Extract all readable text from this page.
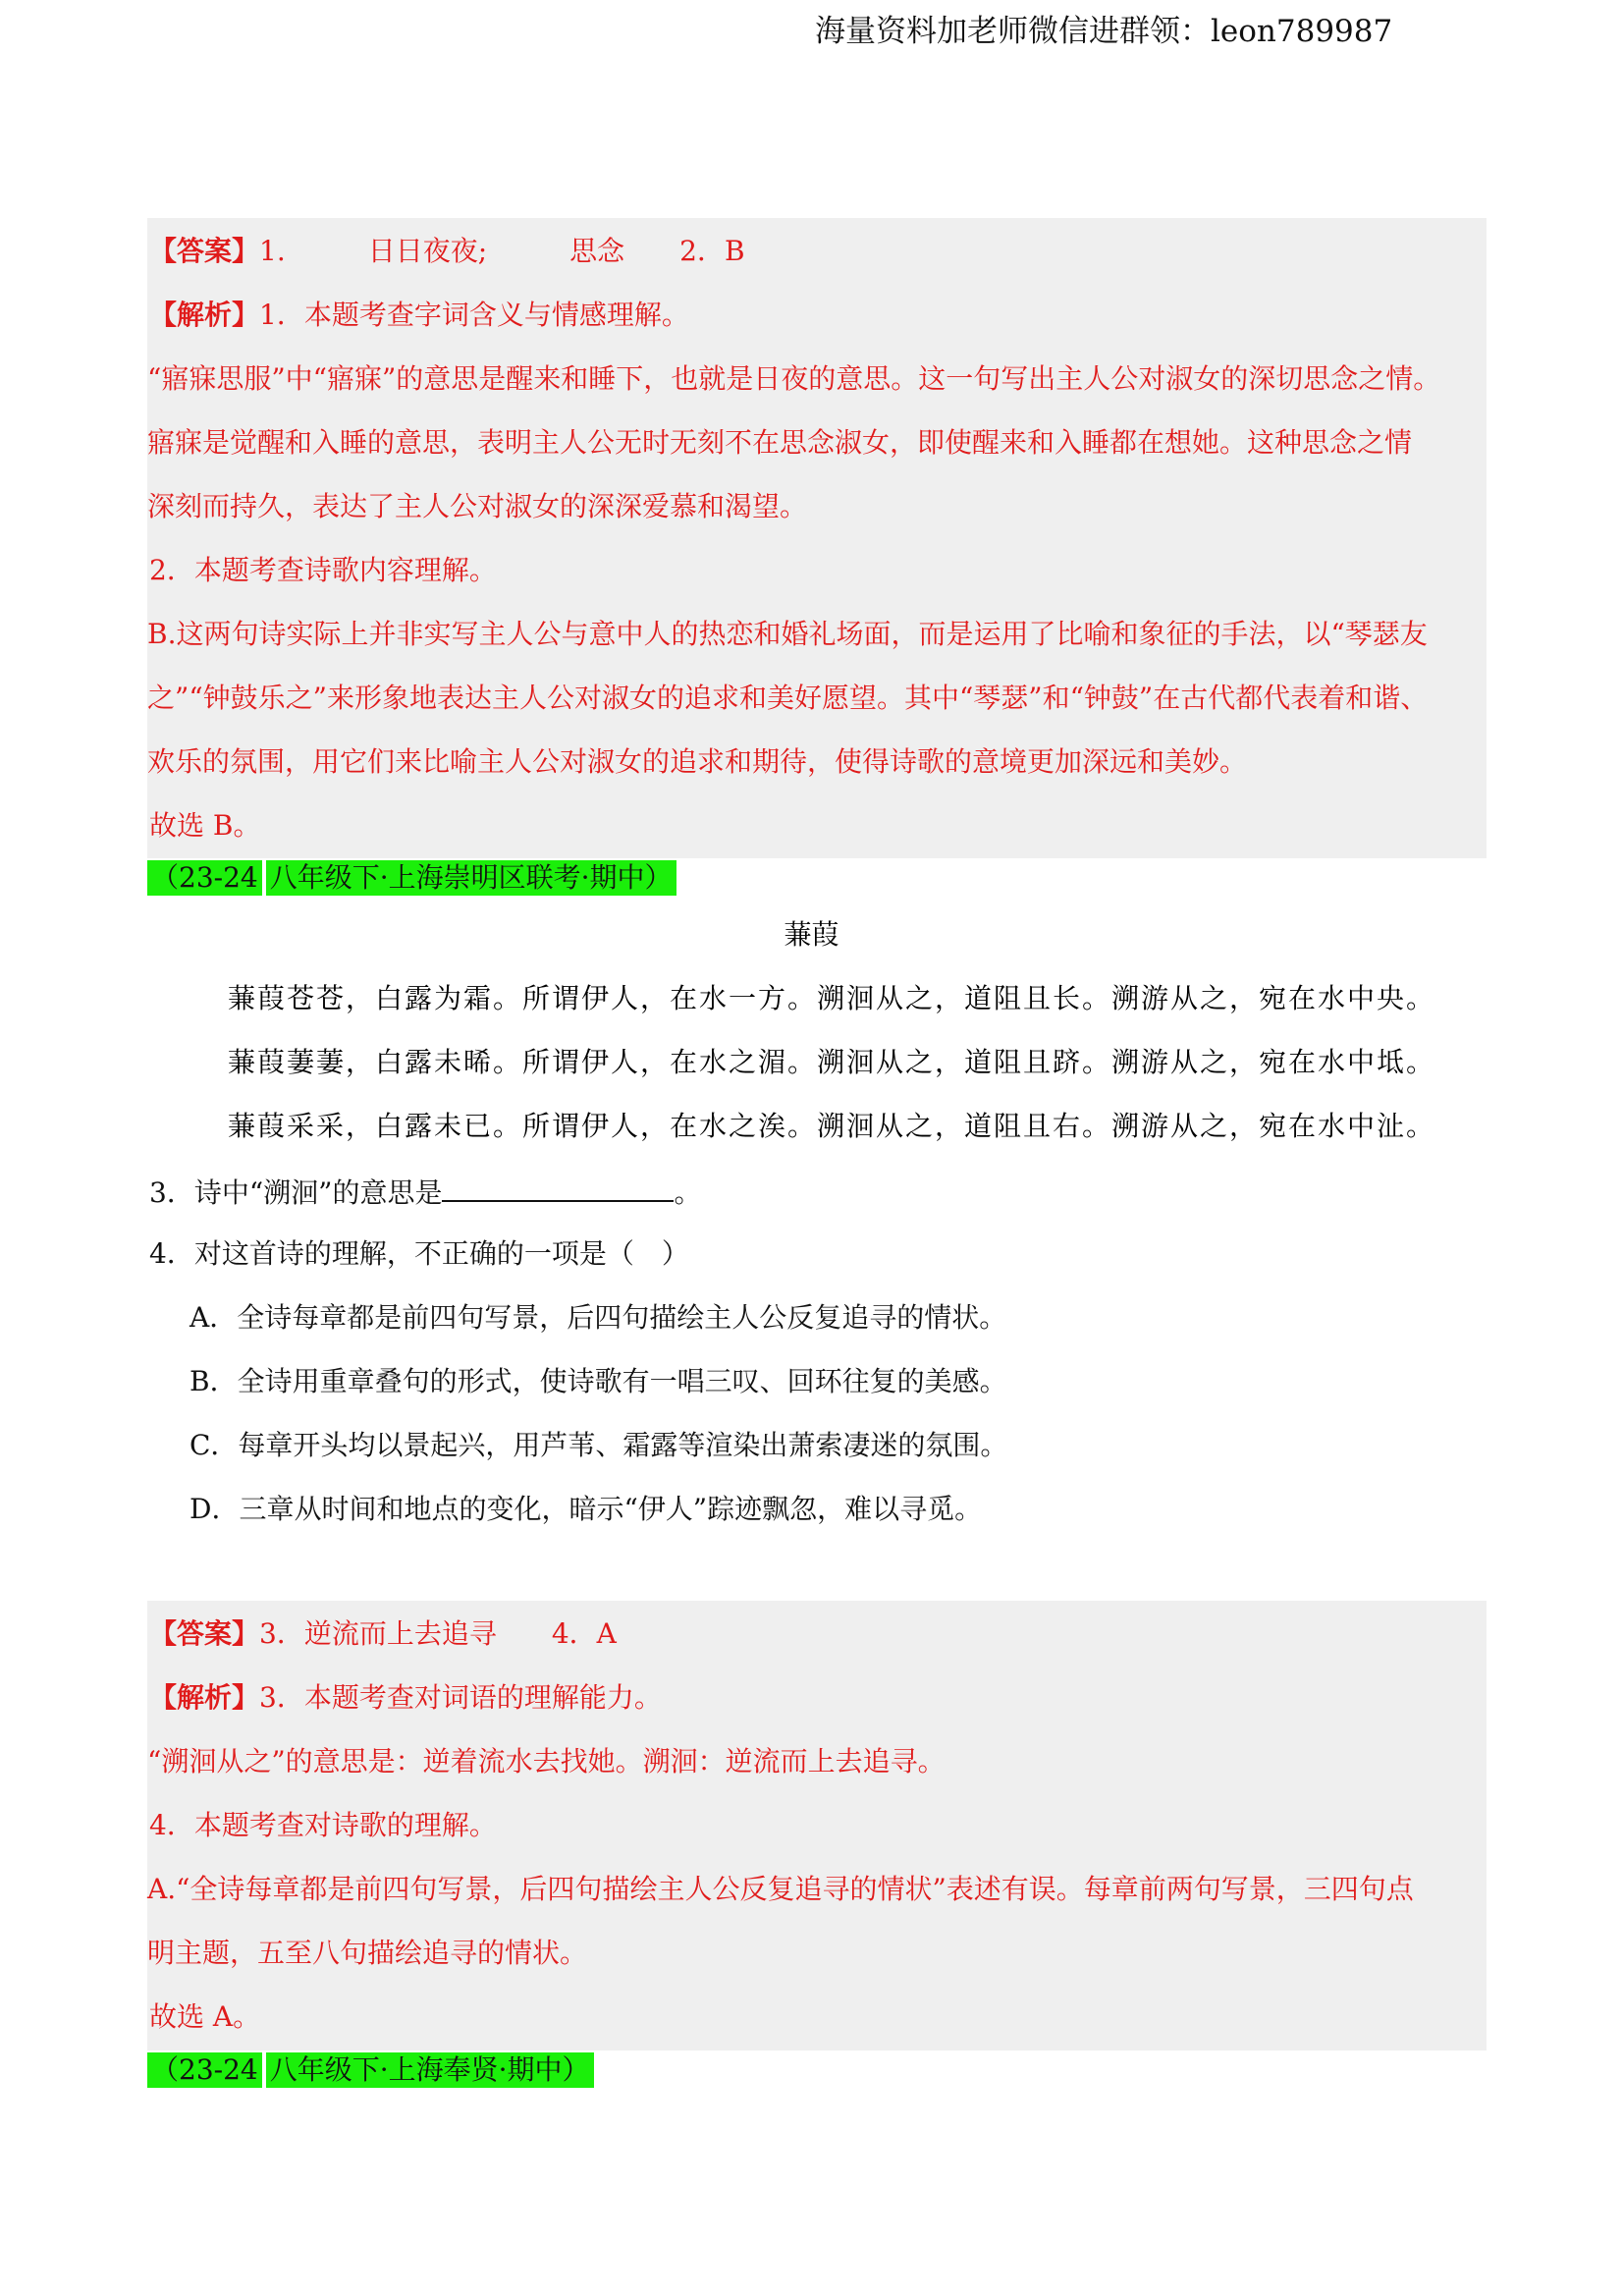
海量资料加老师微信进群领：leon789987
【答案】1.　　　日日夜夜;　　　思念　　2．B
【解析】1．本题考查字词含义与情感理解。
“寤寐思服”中“寤寐”的意思是醒来和睡下，也就是日夜的意思。这一句写出主人公对淑女的深切思念之情。
寤寐是觉醒和入睡的意思，表明主人公无时无刻不在思念淑女，即使醒来和入睡都在想她。这种思念之情
深刻而持久，表达了主人公对淑女的深深爱慕和渴望。
2．本题考查诗歌内容理解。
B.这两句诗实际上并非实写主人公与意中人的热恋和婚礼场面，而是运用了比喻和象征的手法，以“琴瑟友
之”“钟鼓乐之”来形象地表达主人公对淑女的追求和美好愿望。其中“琴瑟”和“钟鼓”在古代都代表着和谐、
欢乐的氛围，用它们来比喻主人公对淑女的追求和期待，使得诗歌的意境更加深远和美妙。
故选 B。
（23-24 八年级下·上海崇明区联考·期中）
蒹葭
蒹葭苍苍，白露为霜。所谓伊人，在水一方。溯洄从之，道阻且长。溯游从之，宛在水中央。
蒹葭萋萋，白露未晞。所谓伊人，在水之湄。溯洄从之，道阻且跻。溯游从之，宛在水中坻。
蒹葭采采，白露未已。所谓伊人，在水之涘。溯洄从之，道阻且右。溯游从之，宛在水中沚。
3．诗中“溯洄”的意思是	。
4．对这首诗的理解，不正确的一项是（　）
A．全诗每章都是前四句写景，后四句描绘主人公反复追寻的情状。
B．全诗用重章叠句的形式，使诗歌有一唱三叹、回环往复的美感。
C．每章开头均以景起兴，用芦苇、霜露等渲染出萧索凄迷的氛围。
D．三章从时间和地点的变化，暗示“伊人”踪迹飘忽，难以寻觅。
【答案】3．逆流而上去追寻　　4．A
【解析】3．本题考查对词语的理解能力。
“溯洄从之”的意思是：逆着流水去找她。溯洄：逆流而上去追寻。
4．本题考查对诗歌的理解。
A.“全诗每章都是前四句写景，后四句描绘主人公反复追寻的情状”表述有误。每章前两句写景，三四句点
明主题，五至八句描绘追寻的情状。
故选 A。
（23-24 八年级下·上海奉贤·期中）
